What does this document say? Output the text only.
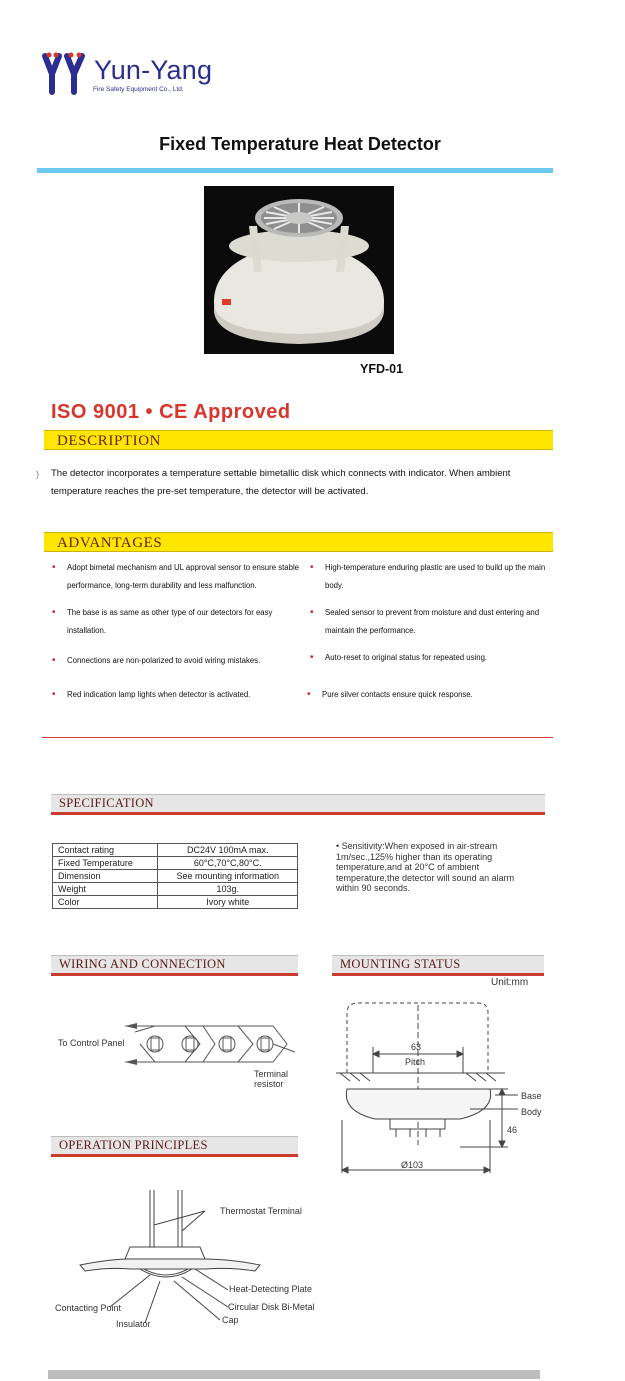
Yun-Yang
Fire Safety Equipment Co., Ltd.
Fixed Temperature Heat Detector
YFD-01
ISO 9001 • CE Approved
DESCRIPTION
) The detector incorporates a temperature settable bimetallic disk which connects with indicator. When ambient temperature reaches the pre-set temperature, the detector will be activated.
ADVANTAGES
• Adopt bimetal mechanism and UL approval sensor to ensure stable performance, long-term durability and less malfunction.
• The base is as same as other type of our detectors for easy installation.
• Connections are non-polarized to avoid wiring mistakes.
• Red indication lamp lights when detector is activated.
• High-temperature enduring plastic are used to build up the main body.
• Sealed sensor to prevent from moisture and dust entering and maintain the performance.
• Auto-reset to original status for repeated using.
• Pure silver contacts ensure quick response.
SPECIFICATION
Contact rating	DC24V 100mA max.
Fixed Temperature	60°C,70°C,80°C.
Dimension	See mounting information
Weight	103g.
Color	Ivory white
• Sensitivity:When exposed in air-stream 1m/sec.,125% higher than its operating temperature,and at 20°C of ambient temperature,the detector will sound an alarm within 90 seconds.
WIRING AND CONNECTION
To Control Panel
Terminal resistor
MOUNTING STATUS
Unit:mm
63
Pitch
Base
Body
46
Ø103
OPERATION PRINCIPLES
Thermostat Terminal
Heat-Detecting Plate
Circular Disk Bi-Metal
Cap
Contacting Point
Insulator
